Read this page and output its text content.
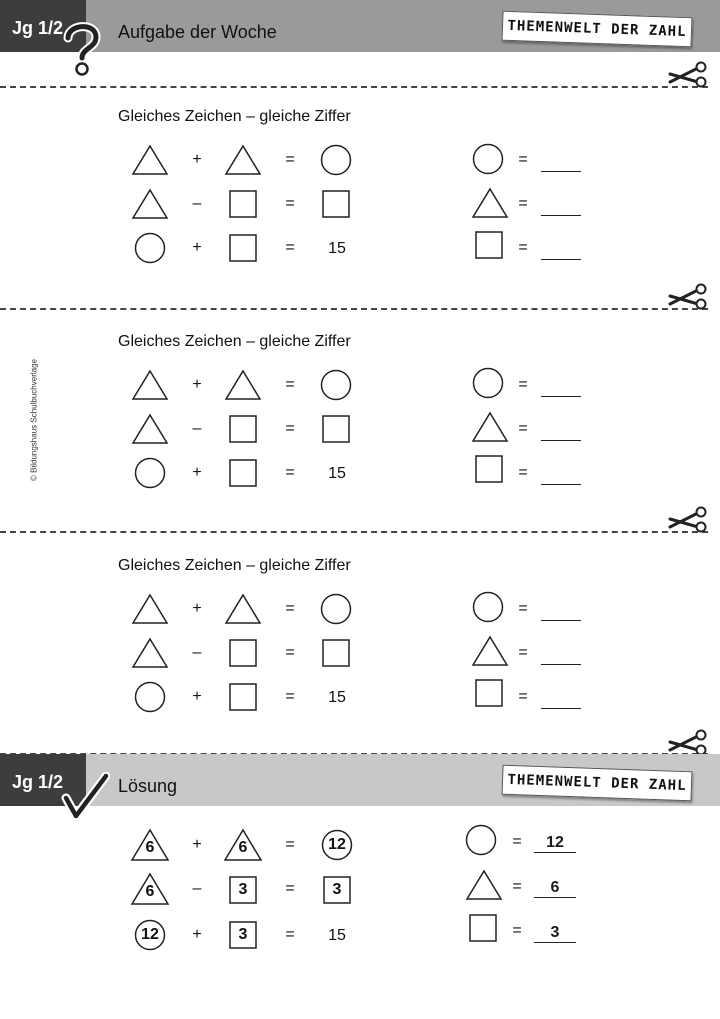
Jg 1/2	Aufgabe der Woche	THEMENWELT DER ZAHL
© Bildungshaus Schulbuchverlage
Gleiches Zeichen – gleiche Ziffer
+	=
–	=
+	= 15
=
=
=
Gleiches Zeichen – gleiche Ziffer
+	=
–	=
+	= 15
=
=
=
Gleiches Zeichen – gleiche Ziffer
+	=
–	=
+	= 15
=
=
=
Jg 1/2	Lösung	THEMENWELT DER ZAHL
6	+	6	=	12
6	–	3	=	3
12	+	3	= 15
=	12
=	6
=	3
